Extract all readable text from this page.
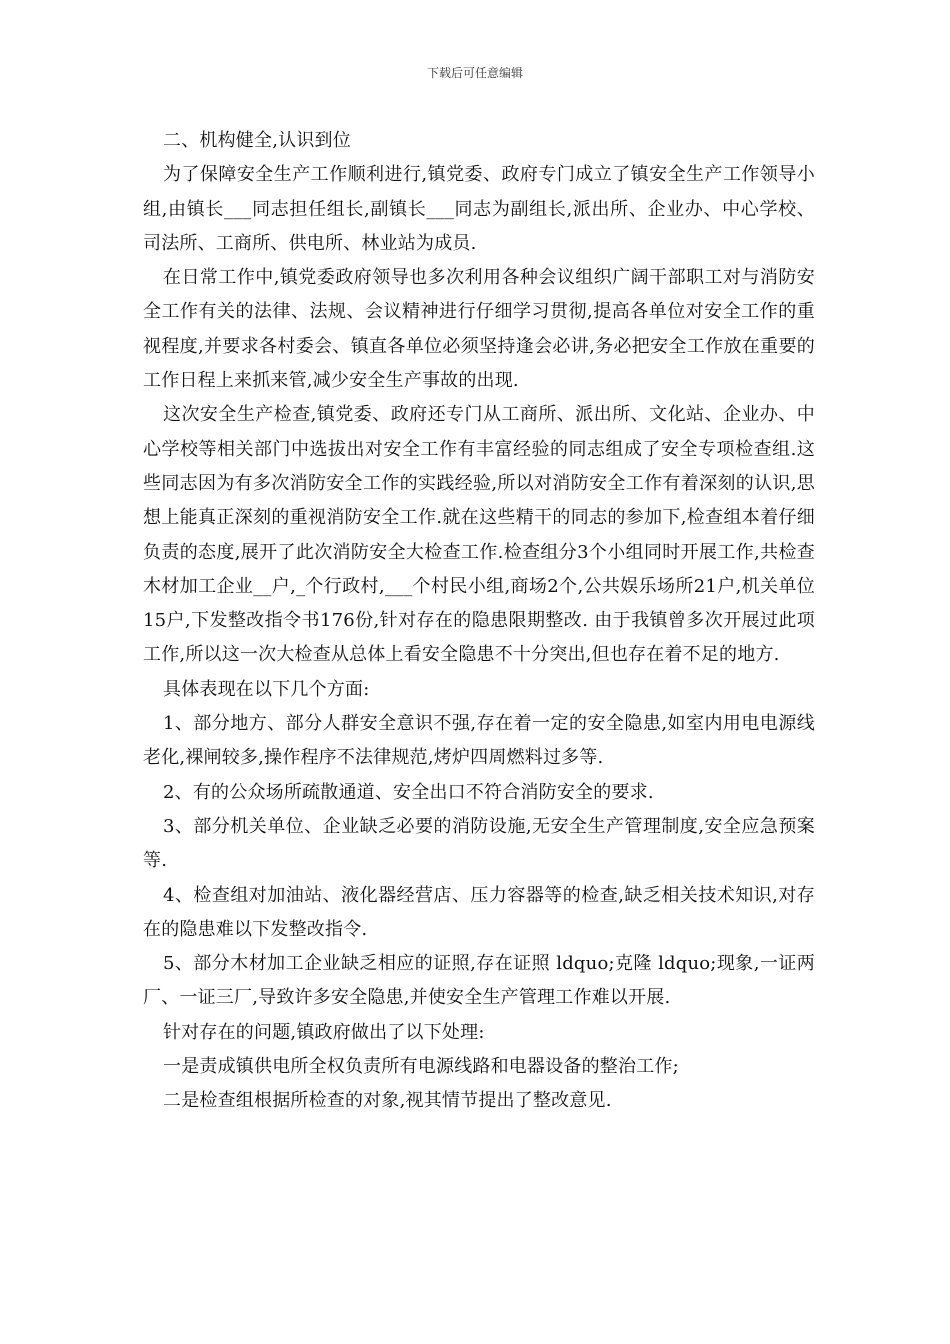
下载后可任意编辑

二、机构健全,认识到位

为了保障安全生产工作顺利进行,镇党委、政府专门成立了镇安全生产工作领导小组,由镇长___同志担任组长,副镇长___同志为副组长,派出所、企业办、中心学校、司法所、工商所、供电所、林业站为成员.

在日常工作中,镇党委政府领导也多次利用各种会议组织广阔干部职工对与消防安全工作有关的法律、法规、会议精神进行仔细学习贯彻,提高各单位对安全工作的重视程度,并要求各村委会、镇直各单位必须坚持逢会必讲,务必把安全工作放在重要的工作日程上来抓来管,减少安全生产事故的出现.

这次安全生产检查,镇党委、政府还专门从工商所、派出所、文化站、企业办、中心学校等相关部门中选拔出对安全工作有丰富经验的同志组成了安全专项检查组.这些同志因为有多次消防安全工作的实践经验,所以对消防安全工作有着深刻的认识,思想上能真正深刻的重视消防安全工作.就在这些精干的同志的参加下,检查组本着仔细负责的态度,展开了此次消防安全大检查工作.检查组分3个小组同时开展工作,共检查木材加工企业__户,_个行政村,___个村民小组,商场2个,公共娱乐场所21户,机关单位15户,下发整改指令书176份,针对存在的隐患限期整改. 由于我镇曾多次开展过此项工作,所以这一次大检查从总体上看安全隐患不十分突出,但也存在着不足的地方.

具体表现在以下几个方面:

1、部分地方、部分人群安全意识不强,存在着一定的安全隐患,如室内用电电源线老化,裸闸较多,操作程序不法律规范,烤炉四周燃料过多等.

2、有的公众场所疏散通道、安全出口不符合消防安全的要求.

3、部分机关单位、企业缺乏必要的消防设施,无安全生产管理制度,安全应急预案等.

4、检查组对加油站、液化器经营店、压力容器等的检查,缺乏相关技术知识,对存在的隐患难以下发整改指令.

5、部分木材加工企业缺乏相应的证照,存在证照 ldquo;克隆 ldquo;现象,一证两厂、一证三厂,导致许多安全隐患,并使安全生产管理工作难以开展.

针对存在的问题,镇政府做出了以下处理:

一是责成镇供电所全权负责所有电源线路和电器设备的整治工作;

二是检查组根据所检查的对象,视其情节提出了整改意见.
